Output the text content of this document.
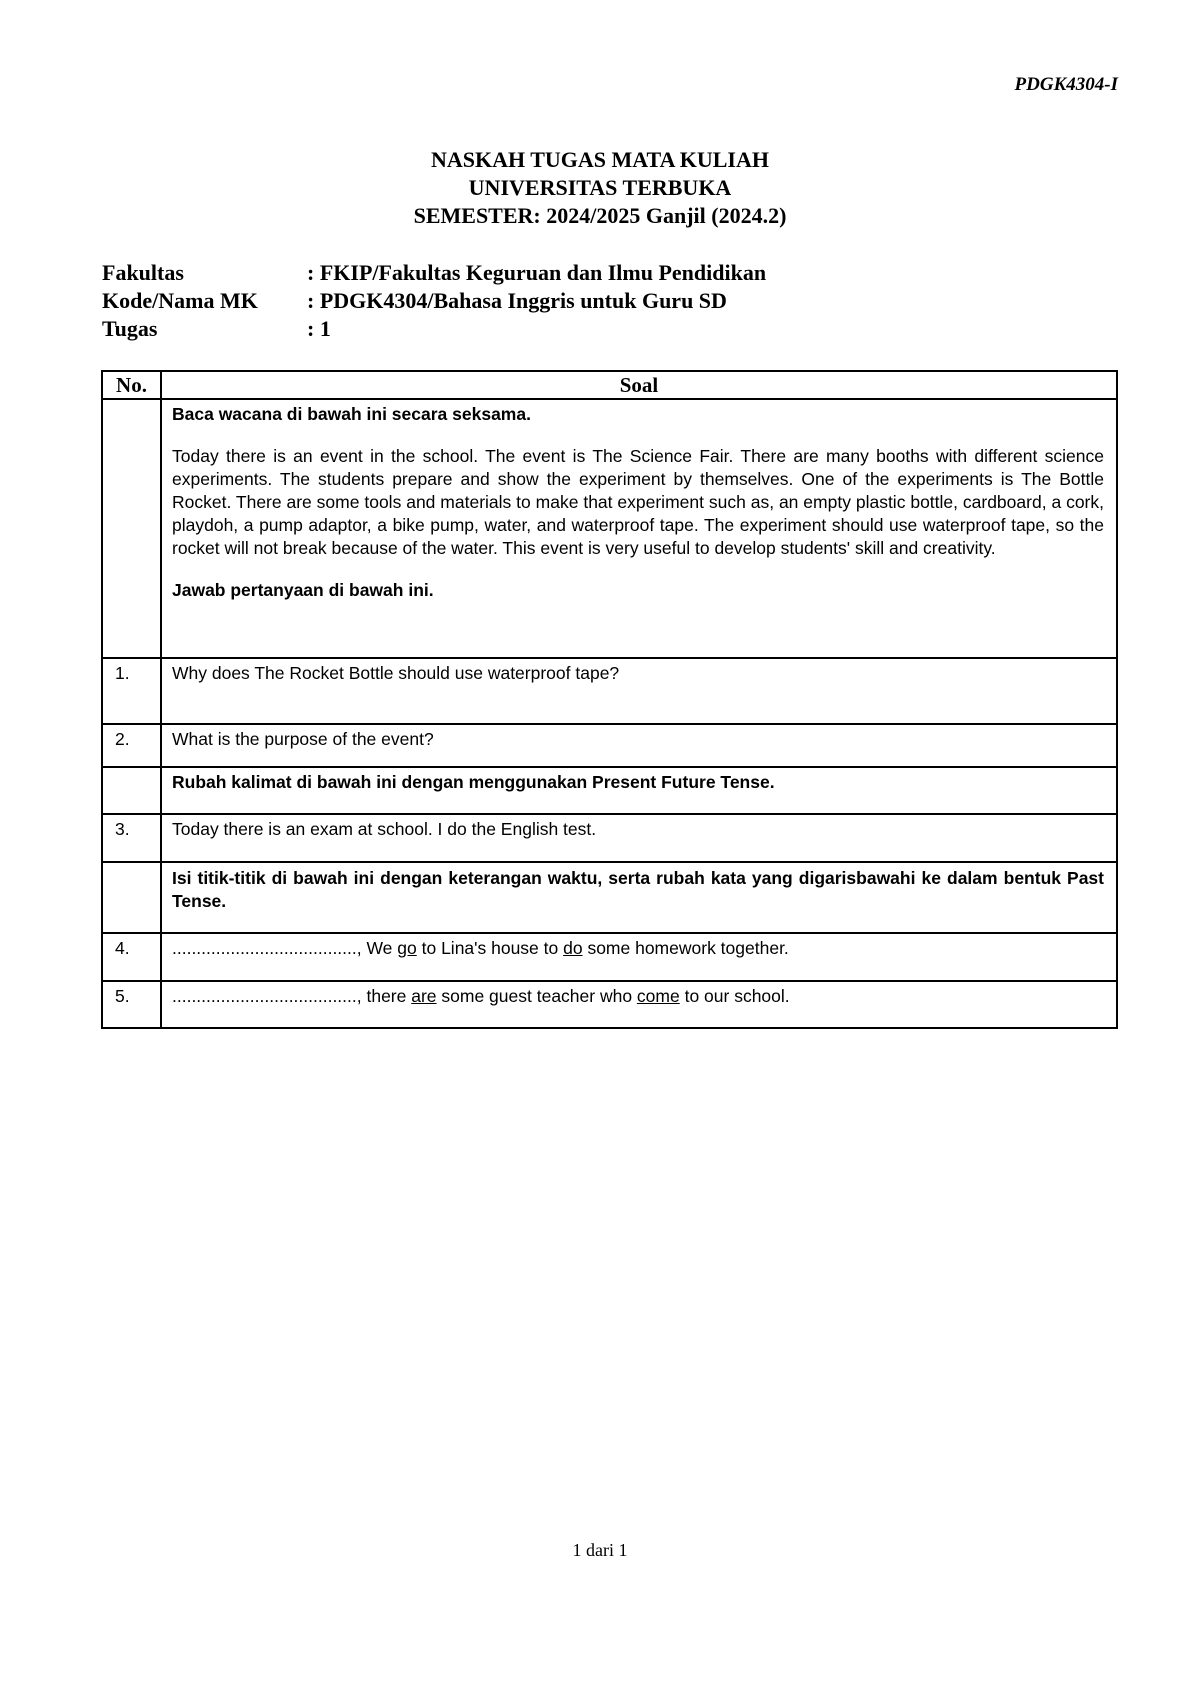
PDGK4304-I
NASKAH TUGAS MATA KULIAH
UNIVERSITAS TERBUKA
SEMESTER: 2024/2025 Ganjil (2024.2)
Fakultas	: FKIP/Fakultas Keguruan dan Ilmu Pendidikan
Kode/Nama MK	: PDGK4304/Bahasa Inggris untuk Guru SD
Tugas	: 1
No.	Soal

	Baca wacana di bawah ini secara seksama.

Today there is an event in the school. The event is The Science Fair. There are many booths with different science experiments. The students prepare and show the experiment by themselves. One of the experiments is The Bottle Rocket. There are some tools and materials to make that experiment such as, an empty plastic bottle, cardboard, a cork, playdoh, a pump adaptor, a bike pump, water, and waterproof tape. The experiment should use waterproof tape, so the rocket will not break because of the water. This event is very useful to develop students' skill and creativity.

Jawab pertanyaan di bawah ini.

1.	Why does The Rocket Bottle should use waterproof tape?
2.	What is the purpose of the event?
	Rubah kalimat di bawah ini dengan menggunakan Present Future Tense.
3.	Today there is an exam at school. I do the English test.
	Isi titik-titik di bawah ini dengan keterangan waktu, serta rubah kata yang digarisbawahi ke dalam bentuk Past Tense.
4.	......................................, We go to Lina's house to do some homework together.
5.	......................................, there are some guest teacher who come to our school.
1 dari 1
